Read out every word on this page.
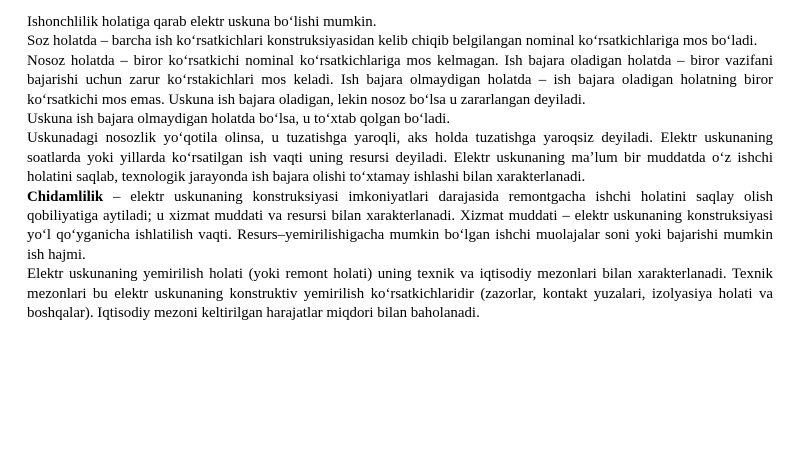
Ishonchlilik holatiga qarab elektr uskuna boʻlishi mumkin.

Soz holatda – barcha ish koʻrsatkichlari konstruksiyasidan kelib chiqib belgilangan nominal koʻrsatkichlariga mos boʻladi.

Nosoz holatda – biror koʻrsatkichi nominal koʻrsatkichlariga mos kelmagan. Ish bajara oladigan holatda – biror vazifani bajarishi uchun zarur koʻrstakichlari mos keladi. Ish bajara olmaydigan holatda – ish bajara oladigan holatning biror koʻrsatkichi mos emas. Uskuna ish bajara oladigan, lekin nosoz boʻlsa u zararlangan deyiladi.

Uskuna ish bajara olmaydigan holatda boʻlsa, u toʻxtab qolgan boʻladi.

Uskunadagi nosozlik yoʻqotila olinsa, u tuzatishga yaroqli, aks holda tuzatishga yaroqsiz deyiladi. Elektr uskunaning soatlarda yoki yillarda koʻrsatilgan ish vaqti uning resursi deyiladi. Elektr uskunaning maʼlum bir muddatda oʻz ishchi holatini saqlab, texnologik jarayonda ish bajara olishi toʻxtamay ishlashi bilan xarakterlanadi.

Chidamlilik – elektr uskunaning konstruksiyasi imkoniyatlari darajasida remontgacha ishchi holatini saqlay olish qobiliyatiga aytiladi; u xizmat muddati va resursi bilan xarakterlanadi. Xizmat muddati – elektr uskunaning konstruksiyasi yoʻl qoʻyganicha ishlatilish vaqti. Resurs–yemirilishigacha mumkin boʻlgan ishchi muolajalar soni yoki bajarishi mumkin ish hajmi.

Elektr uskunaning yemirilish holati (yoki remont holati) uning texnik va iqtisodiy mezonlari bilan xarakterlanadi. Texnik mezonlari bu elektr uskunaning konstruktiv yemirilish koʻrsatkichlaridir (zazorlar, kontakt yuzalari, izolyasiya holati va boshqalar). Iqtisodiy mezoni keltirilgan harajatlar miqdori bilan baholanadi.
